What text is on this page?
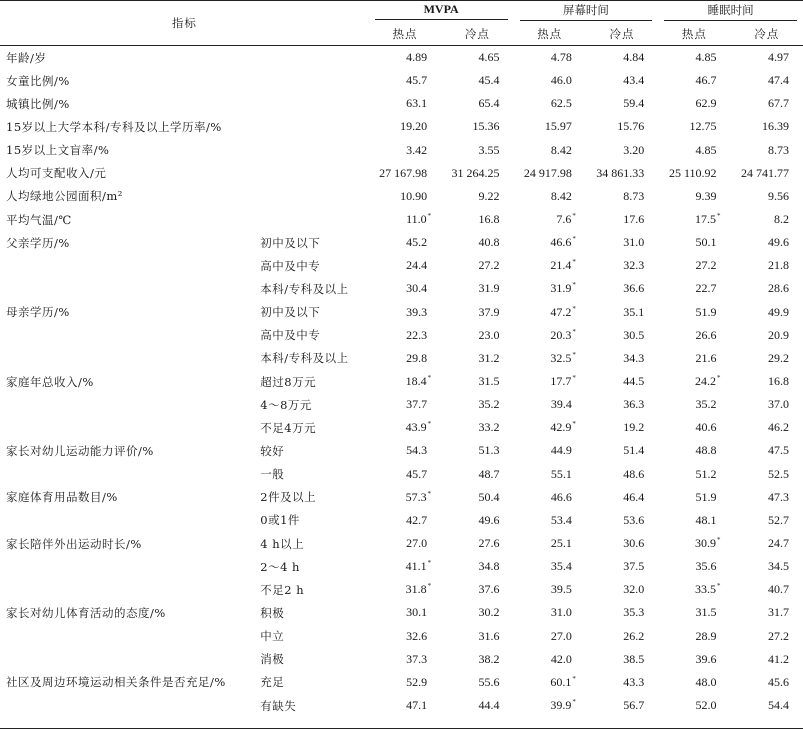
指标		MVPA		屏幕时间		睡眠时间	

		热点	冷点	热点	冷点	热点	冷点
年龄/岁		4.89	4.65	4.78	4.84	4.85	4.97
女童比例/%		45.7	45.4	46.0	43.4	46.7	47.4
城镇比例/%		63.1	65.4	62.5	59.4	62.9	67.7
15岁以上大学本科/专科及以上学历率/%		19.20	15.36	15.97	15.76	12.75	16.39
15岁以上文盲率/%		3.42	3.55	8.42	3.20	4.85	8.73
人均可支配收入/元		27 167.98	31 264.25	24 917.98	34 861.33	25 110.92	24 741.77
人均绿地公园面积/m²		10.90	9.22	8.42	8.73	9.39	9.56
平均气温/℃		11.0*	16.8	7.6*	17.6	17.5*	8.2
父亲学历/%	初中及以下	45.2	40.8	46.6*	31.0	50.1	49.6
	高中及中专	24.4	27.2	21.4*	32.3	27.2	21.8
	本科/专科及以上	30.4	31.9	31.9*	36.6	22.7	28.6
母亲学历/%	初中及以下	39.3	37.9	47.2*	35.1	51.9	49.9
	高中及中专	22.3	23.0	20.3*	30.5	26.6	20.9
	本科/专科及以上	29.8	31.2	32.5*	34.3	21.6	29.2
家庭年总收入/%	超过8万元	18.4*	31.5	17.7*	44.5	24.2*	16.8
	4～8万元	37.7	35.2	39.4	36.3	35.2	37.0
	不足4万元	43.9*	33.2	42.9*	19.2	40.6	46.2
家长对幼儿运动能力评价/%	较好	54.3	51.3	44.9	51.4	48.8	47.5
	一般	45.7	48.7	55.1	48.6	51.2	52.5
家庭体育用品数目/%	2件及以上	57.3*	50.4	46.6	46.4	51.9	47.3
	0或1件	42.7	49.6	53.4	53.6	48.1	52.7
家长陪伴外出运动时长/%	4 h以上	27.0	27.6	25.1	30.6	30.9*	24.7
	2～4 h	41.1*	34.8	35.4	37.5	35.6	34.5
	不足2 h	31.8*	37.6	39.5	32.0	33.5*	40.7
家长对幼儿体育活动的态度/%	积极	30.1	30.2	31.0	35.3	31.5	31.7
	中立	32.6	31.6	27.0	26.2	28.9	27.2
	消极	37.3	38.2	42.0	38.5	39.6	41.2
社区及周边环境运动相关条件是否充足/%	充足	52.9	55.6	60.1*	43.3	48.0	45.6
	有缺失	47.1	44.4	39.9*	56.7	52.0	54.4
